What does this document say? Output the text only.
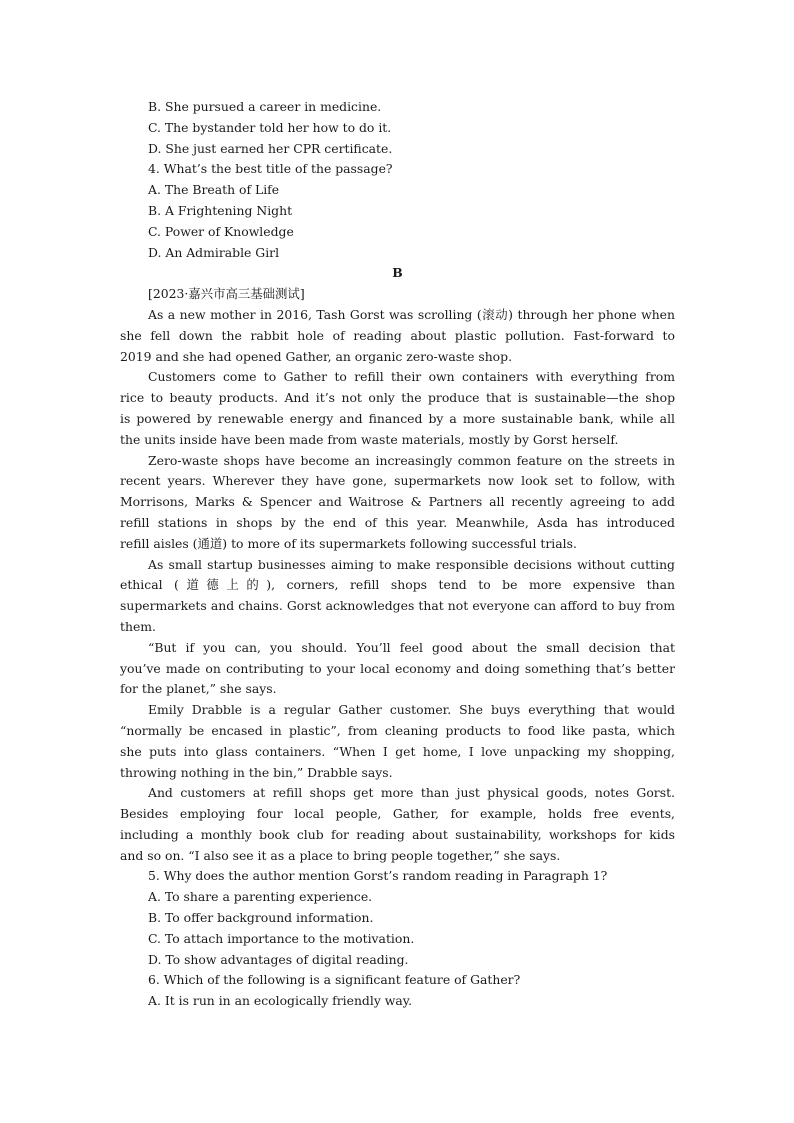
B. She pursued a career in medicine.
C. The bystander told her how to do it.
D. She just earned her CPR certificate.
4. What’s the best title of the passage?
A. The Breath of Life
B. A Frightening Night
C. Power of Knowledge
D. An Admirable Girl
B
[2023·嘉兴市高三基础测试]
As a new mother in 2016, Tash Gorst was scrolling (滚动) through her phone when
she fell down the rabbit hole of reading about plastic pollution. Fast-forward to
2019 and she had opened Gather, an organic zero-waste shop.
Customers come to Gather to refill their own containers with everything from
rice to beauty products. And it’s not only the produce that is sustainable—the shop
is powered by renewable energy and financed by a more sustainable bank, while all
the units inside have been made from waste materials, mostly by Gorst herself.
Zero-waste shops have become an increasingly common feature on the streets in
recent years. Wherever they have gone, supermarkets now look set to follow, with
Morrisons, Marks & Spencer and Waitrose & Partners all recently agreeing to add
refill stations in shops by the end of this year. Meanwhile, Asda has introduced
refill aisles (通道) to more of its supermarkets following successful trials.
As small startup businesses aiming to make responsible decisions without cutting
ethical (道德上的), corners, refill shops tend to be more expensive than
supermarkets and chains. Gorst acknowledges that not everyone can afford to buy from
them.
“But if you can, you should. You’ll feel good about the small decision that
you’ve made on contributing to your local economy and doing something that’s better
for the planet,” she says.
Emily Drabble is a regular Gather customer. She buys everything that would
“normally be encased in plastic”, from cleaning products to food like pasta, which
she puts into glass containers. “When I get home, I love unpacking my shopping,
throwing nothing in the bin,” Drabble says.
And customers at refill shops get more than just physical goods, notes Gorst.
Besides employing four local people, Gather, for example, holds free events,
including a monthly book club for reading about sustainability, workshops for kids
and so on. “I also see it as a place to bring people together,” she says.
5. Why does the author mention Gorst’s random reading in Paragraph 1?
A. To share a parenting experience.
B. To offer background information.
C. To attach importance to the motivation.
D. To show advantages of digital reading.
6. Which of the following is a significant feature of Gather?
A. It is run in an ecologically friendly way.
